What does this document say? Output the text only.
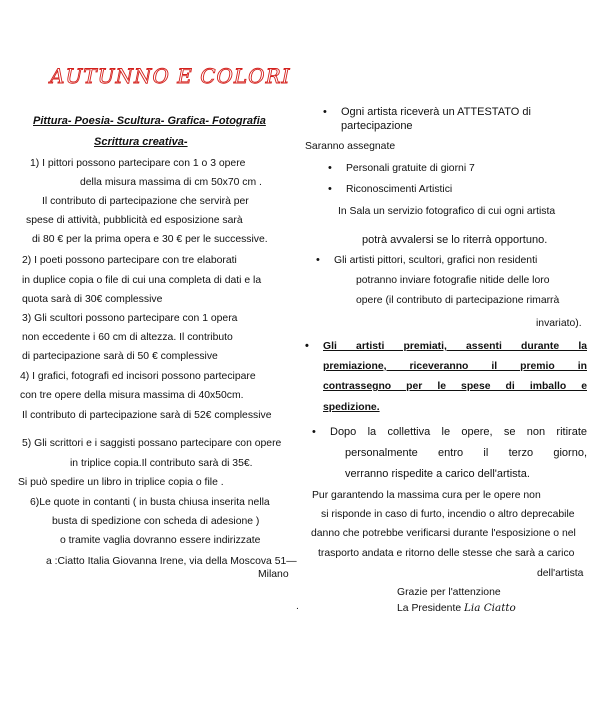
AUTUNNO E COLORI
Pittura- Poesia- Scultura- Grafica- Fotografia
Scrittura creativa-
1) I pittori possono partecipare con 1 o 3 opere
della misura massima di cm 50x70 cm .
Il contributo di partecipazione che servirà per
spese di attività, pubblicità ed esposizione sarà
di 80 € per la prima opera e 30 € per le successive.
2) I poeti possono partecipare con tre elaborati
in duplice copia o file di cui una completa di dati e la
quota sarà di 30€ complessive
3) Gli scultori possono partecipare con 1 opera
non eccedente i 60 cm di altezza. Il contributo
di partecipazione sarà di 50 € complessive
4) I grafici, fotografi ed incisori possono partecipare
con tre opere della misura massima di 40x50cm.
Il contributo di partecipazione sarà di 52€ complessive
5) Gli scrittori e i saggisti possano partecipare con opere
in triplice copia.Il contributo sarà di 35€.
Si può spedire un libro in triplice copia o file .
6)Le quote in contanti ( in busta chiusa inserita nella
busta di spedizione con scheda di adesione )
o tramite vaglia dovranno essere indirizzate
a :Ciatto Italia Giovanna Irene, via della Moscova 51—
Milano
.
• Ogni artista riceverà un ATTESTATO di
partecipazione
Saranno assegnate
• Personali gratuite di giorni 7
• Riconoscimenti Artistici
In Sala un servizio fotografico di cui ogni artista
potrà avvalersi se lo riterrà opportuno.
• Gli artisti pittori, scultori, grafici non residenti
potranno inviare fotografie nitide delle loro
opere (il contributo di partecipazione rimarrà
invariato).
• Gli artisti premiati, assenti durante la
premiazione, riceveranno il premio in
contrassegno per le spese di imballo e
spedizione.
• Dopo la collettiva le opere, se non ritirate
personalmente entro il terzo giorno,
verranno rispedite a carico dell'artista.
Pur garantendo la massima cura per le opere non
si risponde in caso di furto, incendio o altro deprecabile
danno che potrebbe verificarsi durante l'esposizione o nel
trasporto andata e ritorno delle stesse che sarà a carico
dell'artista
Grazie per l'attenzione
La Presidente Lia Ciatto
